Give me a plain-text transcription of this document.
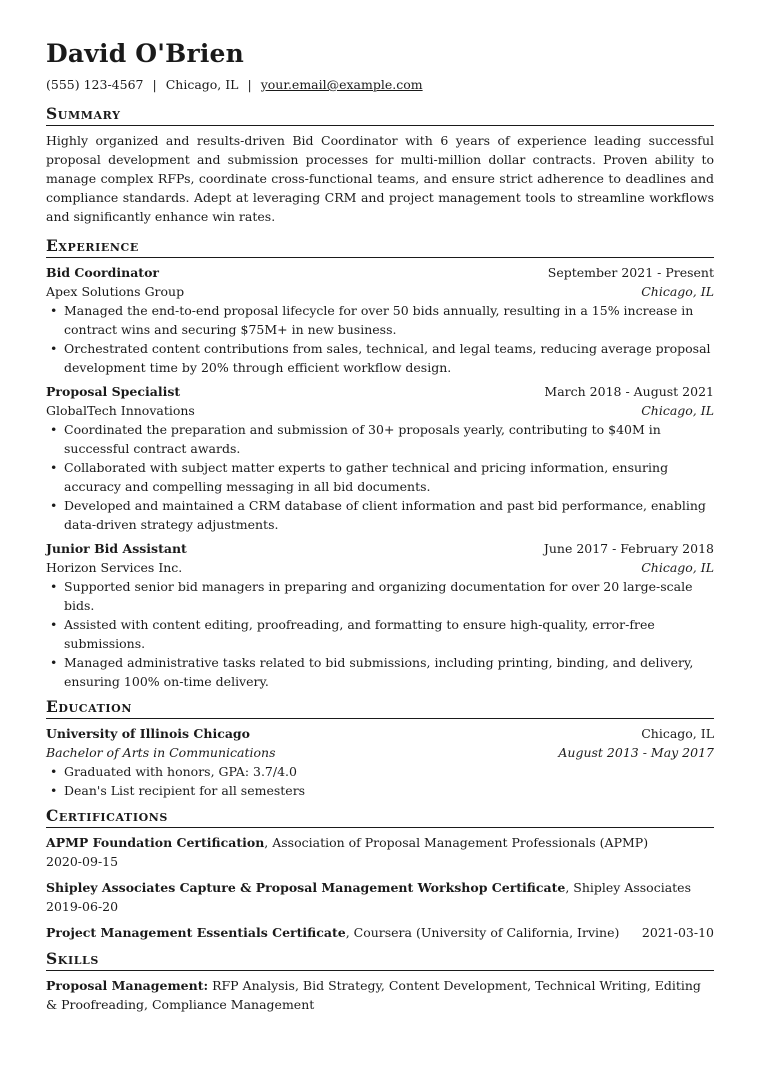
David O'Brien
(555) 123-4567 | Chicago, IL | your.email@example.com
Summary
Highly organized and results-driven Bid Coordinator with 6 years of experience leading successful proposal development and submission processes for multi-million dollar contracts. Proven ability to manage complex RFPs, coordinate cross-functional teams, and ensure strict adherence to deadlines and compliance standards. Adept at leveraging CRM and project management tools to streamline workflows and significantly enhance win rates.
Experience
Bid Coordinator	September 2021 - Present
Apex Solutions Group	Chicago, IL
• Managed the end-to-end proposal lifecycle for over 50 bids annually, resulting in a 15% increase in contract wins and securing $75M+ in new business.
• Orchestrated content contributions from sales, technical, and legal teams, reducing average proposal development time by 20% through efficient workflow design.
Proposal Specialist	March 2018 - August 2021
GlobalTech Innovations	Chicago, IL
• Coordinated the preparation and submission of 30+ proposals yearly, contributing to $40M in successful contract awards.
• Collaborated with subject matter experts to gather technical and pricing information, ensuring accuracy and compelling messaging in all bid documents.
• Developed and maintained a CRM database of client information and past bid performance, enabling data-driven strategy adjustments.
Junior Bid Assistant	June 2017 - February 2018
Horizon Services Inc.	Chicago, IL
• Supported senior bid managers in preparing and organizing documentation for over 20 large-scale bids.
• Assisted with content editing, proofreading, and formatting to ensure high-quality, error-free submissions.
• Managed administrative tasks related to bid submissions, including printing, binding, and delivery, ensuring 100% on-time delivery.
Education
University of Illinois Chicago	Chicago, IL
Bachelor of Arts in Communications	August 2013 - May 2017
• Graduated with honors, GPA: 3.7/4.0
• Dean's List recipient for all semesters
Certifications
APMP Foundation Certification, Association of Proposal Management Professionals (APMP)
2020-09-15
Shipley Associates Capture & Proposal Management Workshop Certificate, Shipley Associates
2019-06-20
Project Management Essentials Certificate, Coursera (University of California, Irvine) 2021-03-10
Skills
Proposal Management: RFP Analysis, Bid Strategy, Content Development, Technical Writing, Editing & Proofreading, Compliance Management
